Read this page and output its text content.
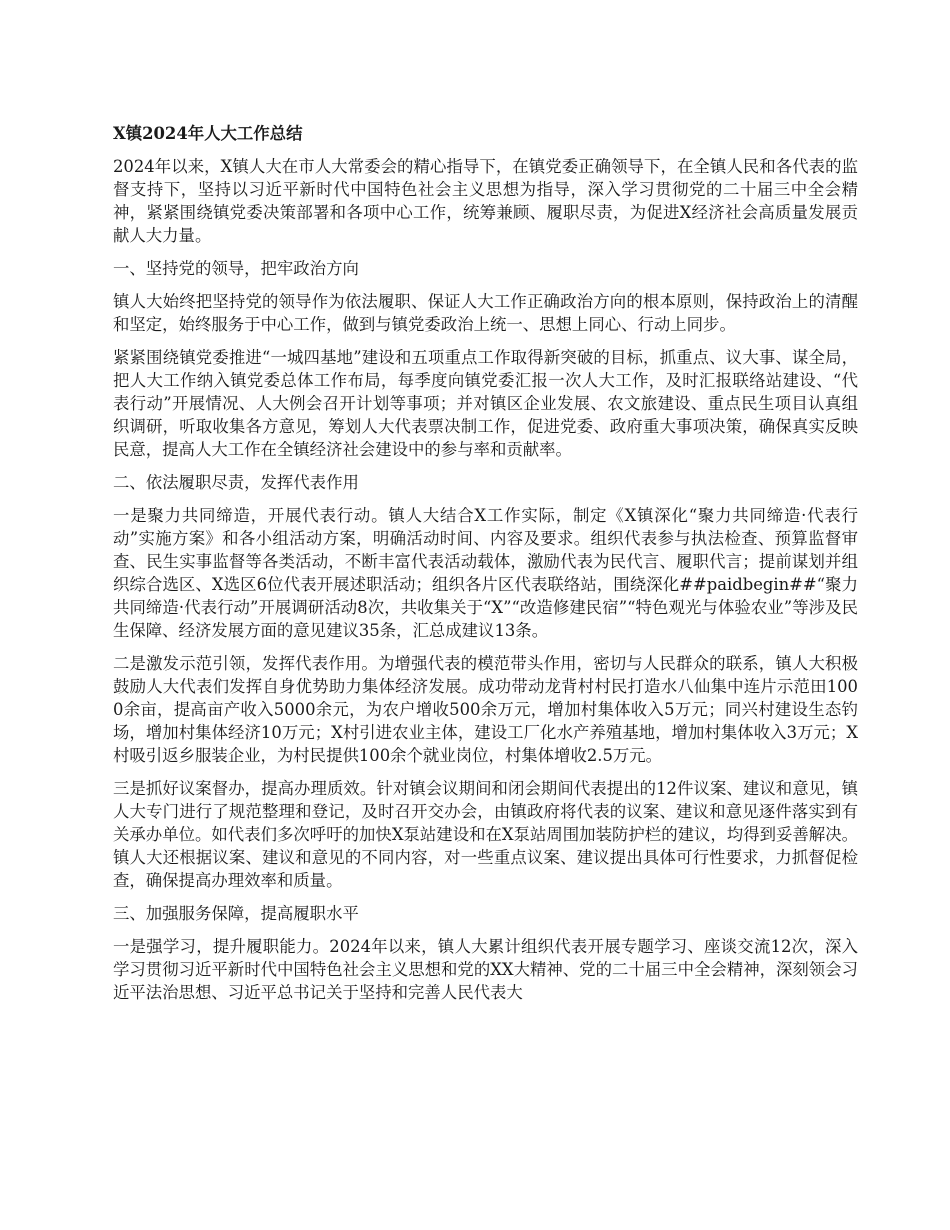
X镇2024年人大工作总结
2024年以来，X镇人大在市人大常委会的精心指导下，在镇党委正确领导下，在全镇人民和各代表的监督支持下，坚持以习近平新时代中国特色社会主义思想为指导，深入学习贯彻党的二十届三中全会精神，紧紧围绕镇党委决策部署和各项中心工作，统筹兼顾、履职尽责，为促进X经济社会高质量发展贡献人大力量。
一、坚持党的领导，把牢政治方向
镇人大始终把坚持党的领导作为依法履职、保证人大工作正确政治方向的根本原则，保持政治上的清醒和坚定，始终服务于中心工作，做到与镇党委政治上统一、思想上同心、行动上同步。
紧紧围绕镇党委推进“一城四基地”建设和五项重点工作取得新突破的目标，抓重点、议大事、谋全局，把人大工作纳入镇党委总体工作布局，每季度向镇党委汇报一次人大工作，及时汇报联络站建设、“代表行动”开展情况、人大例会召开计划等事项；并对镇区企业发展、农文旅建设、重点民生项目认真组织调研，听取收集各方意见，筹划人大代表票决制工作，促进党委、政府重大事项决策，确保真实反映民意，提高人大工作在全镇经济社会建设中的参与率和贡献率。
二、依法履职尽责，发挥代表作用
一是聚力共同缔造，开展代表行动。镇人大结合X工作实际，制定《X镇深化“聚力共同缔造·代表行动”实施方案》和各小组活动方案，明确活动时间、内容及要求。组织代表参与执法检查、预算监督审查、民生实事监督等各类活动，不断丰富代表活动载体，激励代表为民代言、履职代言；提前谋划并组织综合选区、X选区6位代表开展述职活动；组织各片区代表联络站，围绕深化##paidbegin##“聚力共同缔造·代表行动”开展调研活动8次，共收集关于“X”“改造修建民宿”“特色观光与体验农业”等涉及民生保障、经济发展方面的意见建议35条，汇总成建议13条。
二是激发示范引领，发挥代表作用。为增强代表的模范带头作用，密切与人民群众的联系，镇人大积极鼓励人大代表们发挥自身优势助力集体经济发展。成功带动龙背村村民打造水八仙集中连片示范田1000余亩，提高亩产收入5000余元，为农户增收500余万元，增加村集体收入5万元；同兴村建设生态钓场，增加村集体经济10万元；X村引进农业主体，建设工厂化水产养殖基地，增加村集体收入3万元；X村吸引返乡服装企业，为村民提供100余个就业岗位，村集体增收2.5万元。
三是抓好议案督办，提高办理质效。针对镇会议期间和闭会期间代表提出的12件议案、建议和意见，镇人大专门进行了规范整理和登记，及时召开交办会，由镇政府将代表的议案、建议和意见逐件落实到有关承办单位。如代表们多次呼吁的加快X泵站建设和在X泵站周围加装防护栏的建议，均得到妥善解决。镇人大还根据议案、建议和意见的不同内容，对一些重点议案、建议提出具体可行性要求，力抓督促检查，确保提高办理效率和质量。
三、加强服务保障，提高履职水平
一是强学习，提升履职能力。2024年以来，镇人大累计组织代表开展专题学习、座谈交流12次，深入学习贯彻习近平新时代中国特色社会主义思想和党的XX大精神、党的二十届三中全会精神，深刻领会习近平法治思想、习近平总书记关于坚持和完善人民代表大
